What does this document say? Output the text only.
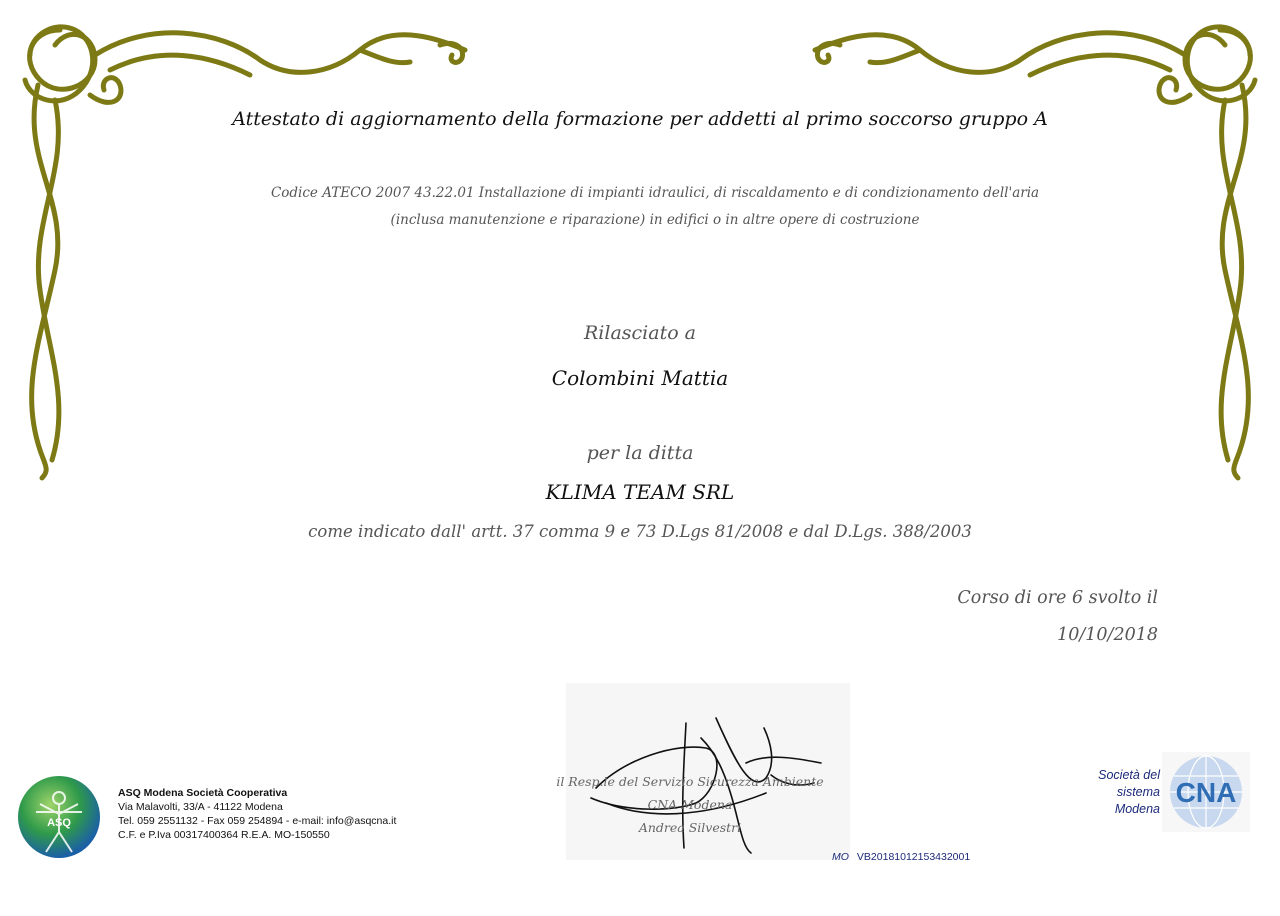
Attestato di aggiornamento della formazione per addetti al primo soccorso gruppo A
Codice ATECO 2007 43.22.01 Installazione di impianti idraulici, di riscaldamento e di condizionamento dell'aria
(inclusa manutenzione e riparazione) in edifici o in altre opere di costruzione
Rilasciato a
Colombini Mattia
per la ditta
KLIMA TEAM SRL
come indicato dall' artt. 37 comma 9 e 73 D.Lgs 81/2008 e dal D.Lgs. 388/2003
Corso di ore 6 svolto il
10/10/2018
il Resp.le del Servizio Sicurezza Ambiente
CNA Modena
Andrea Silvestri
ASQ
ASQ Modena Società Cooperativa
Via Malavolti, 33/A - 41122 Modena
Tel. 059 2551132 - Fax 059 254894 - e-mail: info@asqcna.it
C.F. e P.Iva 00317400364 R.E.A. MO-150550
Società del
sistema
Modena
CNA
MO VB20181012153432001
